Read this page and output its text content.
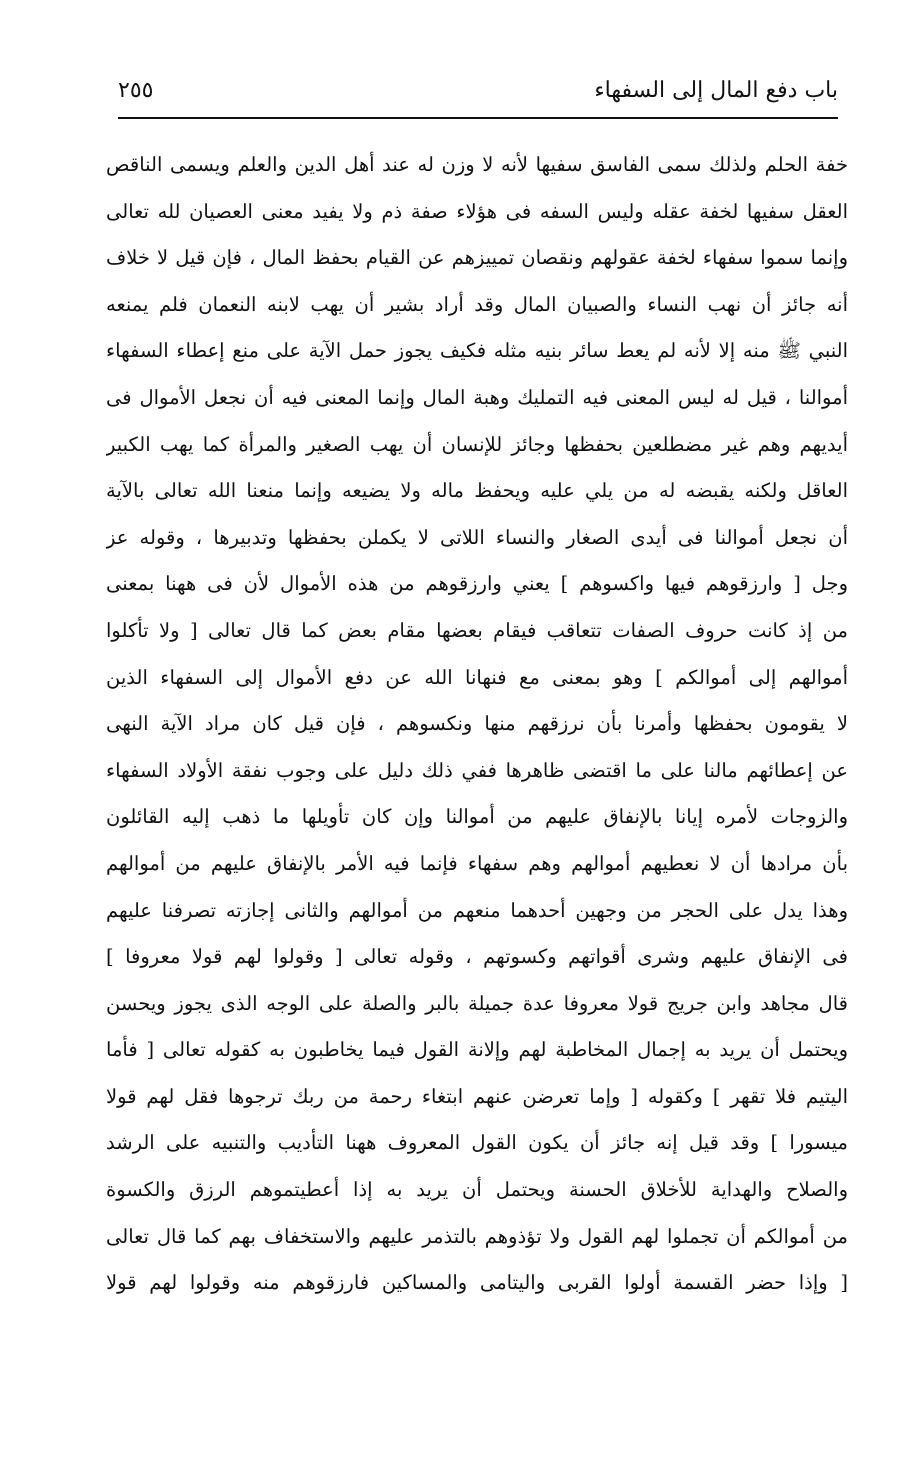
باب دفع المال إلى السفهاء
٢٥٥
خفة الحلم ولذلك سمى الفاسق سفيها لأنه لا وزن له عند أهل الدين والعلم ويسمى الناقص
العقل سفيها لخفة عقله وليس السفه فى هؤلاء صفة ذم ولا يفيد معنى العصيان لله تعالى
وإنما سموا سفهاء لخفة عقولهم ونقصان تمييزهم عن القيام بحفظ المال ، فإن قيل لا خلاف
أنه جائز أن نهب النساء والصبيان المال وقد أراد بشير أن يهب لابنه النعمان فلم يمنعه
النبي ﷺ منه إلا لأنه لم يعط سائر بنيه مثله فكيف يجوز حمل الآية على منع إعطاء السفهاء
أموالنا ، قيل له ليس المعنى فيه التمليك وهبة المال وإنما المعنى فيه أن نجعل الأموال فى
أيديهم وهم غير مضطلعين بحفظها وجائز للإنسان أن يهب الصغير والمرأة كما يهب الكبير
العاقل ولكنه يقبضه له من يلي عليه ويحفظ ماله ولا يضيعه وإنما منعنا الله تعالى بالآية
أن نجعل أموالنا فى أيدى الصغار والنساء اللاتى لا يكملن بحفظها وتدبيرها ، وقوله عز
وجل [ وارزقوهم فيها واكسوهم ] يعني وارزقوهم من هذه الأموال لأن فى ههنا بمعنى
من إذ كانت حروف الصفات تتعاقب فيقام بعضها مقام بعض كما قال تعالى [ ولا تأكلوا
أموالهم إلى أموالكم ] وهو بمعنى مع فنهانا الله عن دفع الأموال إلى السفهاء الذين
لا يقومون بحفظها وأمرنا بأن نرزقهم منها ونكسوهم ، فإن قيل كان مراد الآية النهى
عن إعطائهم مالنا على ما اقتضى ظاهرها ففي ذلك دليل على وجوب نفقة الأولاد السفهاء
والزوجات لأمره إيانا بالإنفاق عليهم من أموالنا وإن كان تأويلها ما ذهب إليه القائلون
بأن مرادها أن لا نعطيهم أموالهم وهم سفهاء فإنما فيه الأمر بالإنفاق عليهم من أموالهم
وهذا يدل على الحجر من وجهين أحدهما منعهم من أموالهم والثانى إجازته تصرفنا عليهم
فى الإنفاق عليهم وشرى أقواتهم وكسوتهم ، وقوله تعالى [ وقولوا لهم قولا معروفا ]
قال مجاهد وابن جريج قولا معروفا عدة جميلة بالبر والصلة على الوجه الذى يجوز ويحسن
ويحتمل أن يريد به إجمال المخاطبة لهم وإلانة القول فيما يخاطبون به كقوله تعالى [ فأما
اليتيم فلا تقهر ] وكقوله [ وإما تعرضن عنهم ابتغاء رحمة من ربك ترجوها فقل لهم قولا
ميسورا ] وقد قيل إنه جائز أن يكون القول المعروف ههنا التأديب والتنبيه على الرشد
والصلاح والهداية للأخلاق الحسنة ويحتمل أن يريد به إذا أعطيتموهم الرزق والكسوة
من أموالكم أن تجملوا لهم القول ولا تؤذوهم بالتذمر عليهم والاستخفاف بهم كما قال تعالى
[ وإذا حضر القسمة أولوا القربى واليتامى والمساكين فارزقوهم منه وقولوا لهم قولا
